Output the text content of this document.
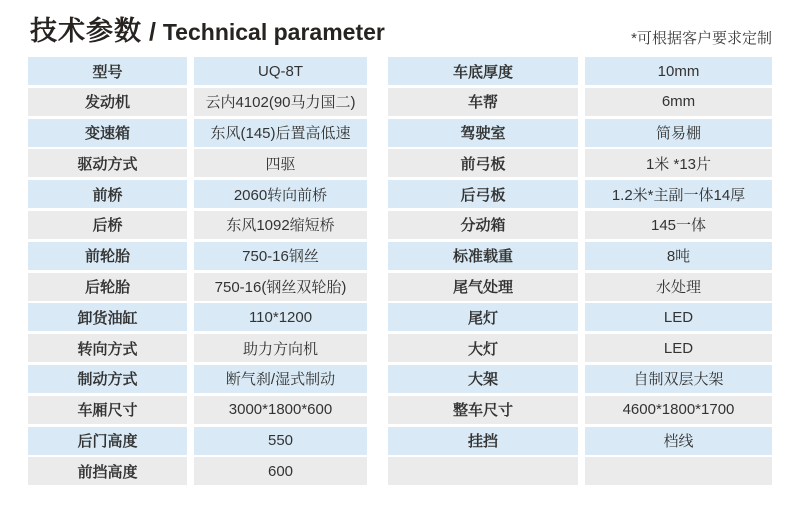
技术参数 / Technical parameter	*可根据客户要求定制
型号	UQ-8T
发动机	云内4102(90马力国二)
变速箱	东风(145)后置高低速
驱动方式	四驱
前桥	2060转向前桥
后桥	东风1092缩短桥
前轮胎	750-16钢丝
后轮胎	750-16(钢丝双轮胎)
卸货油缸	110*1200
转向方式	助力方向机
制动方式	断气刹/湿式制动
车厢尺寸	3000*1800*600
后门高度	550
前挡高度	600
车底厚度	10mm
车帮	6mm
驾驶室	简易棚
前弓板	1米 *13片
后弓板	1.2米*主副一体14厚
分动箱	145一体
标准载重	8吨
尾气处理	水处理
尾灯	LED
大灯	LED
大架	自制双层大架
整车尺寸	4600*1800*1700
挂挡	档线
